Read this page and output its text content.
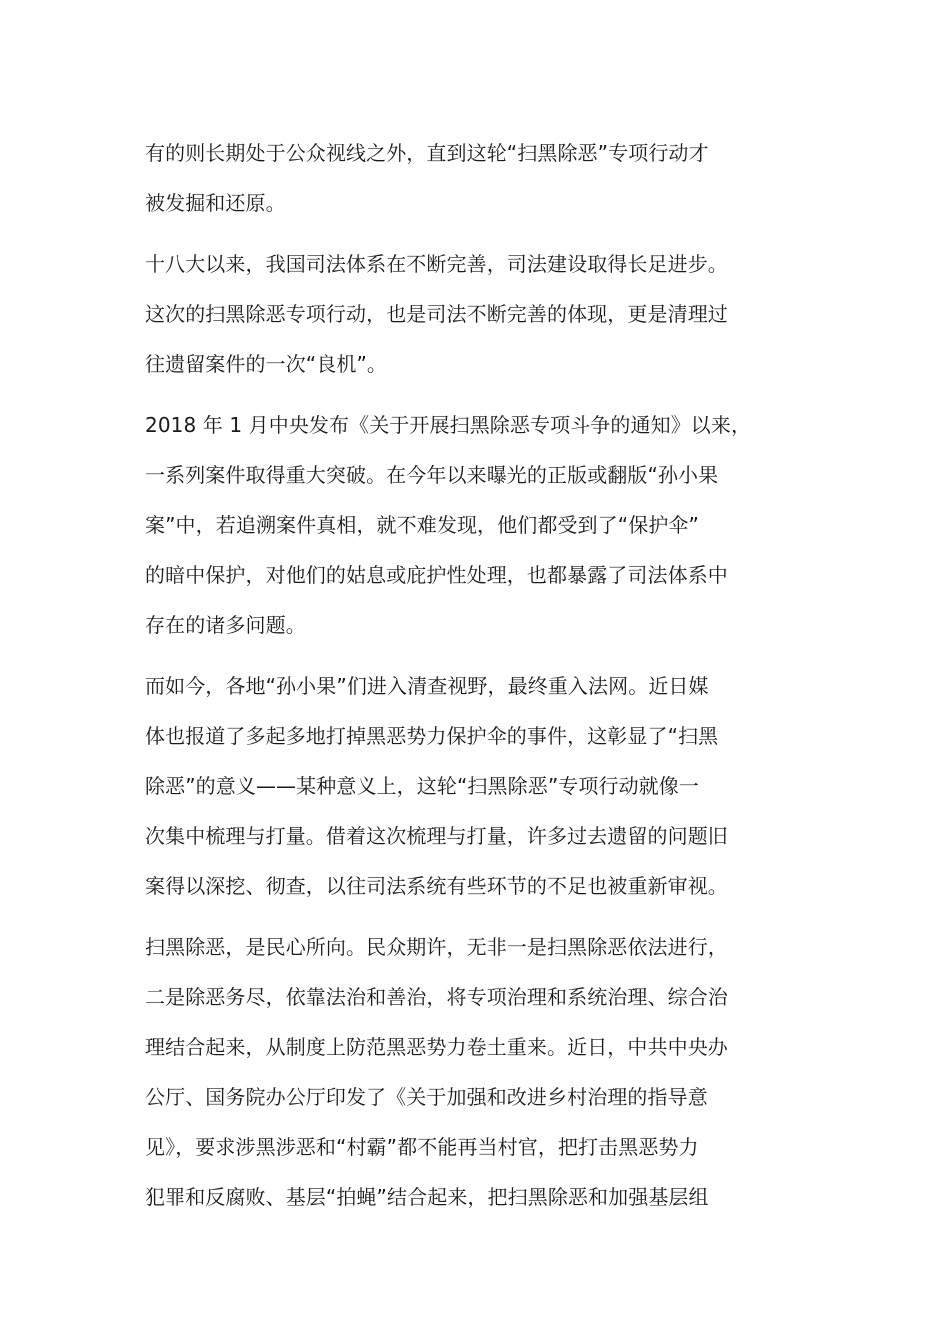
有的则长期处于公众视线之外，直到这轮“扫黑除恶”专项行动才
被发掘和还原。

十八大以来，我国司法体系在不断完善，司法建设取得长足进步。
这次的扫黑除恶专项行动，也是司法不断完善的体现，更是清理过
往遗留案件的一次“良机”。

2018 年 1 月中央发布《关于开展扫黑除恶专项斗争的通知》以来，
一系列案件取得重大突破。在今年以来曝光的正版或翻版“孙小果
案”中，若追溯案件真相，就不难发现，他们都受到了“保护伞”
的暗中保护，对他们的姑息或庇护性处理，也都暴露了司法体系中
存在的诸多问题。

而如今，各地“孙小果”们进入清查视野，最终重入法网。近日媒
体也报道了多起多地打掉黑恶势力保护伞的事件，这彰显了“扫黑
除恶”的意义——某种意义上，这轮“扫黑除恶”专项行动就像一
次集中梳理与打量。借着这次梳理与打量，许多过去遗留的问题旧
案得以深挖、彻查，以往司法系统有些环节的不足也被重新审视。

扫黑除恶，是民心所向。民众期许，无非一是扫黑除恶依法进行，
二是除恶务尽，依靠法治和善治，将专项治理和系统治理、综合治
理结合起来，从制度上防范黑恶势力卷土重来。近日，中共中央办
公厅、国务院办公厅印发了《关于加强和改进乡村治理的指导意
见》，要求涉黑涉恶和“村霸”都不能再当村官，把打击黑恶势力
犯罪和反腐败、基层“拍蝇”结合起来，把扫黑除恶和加强基层组
